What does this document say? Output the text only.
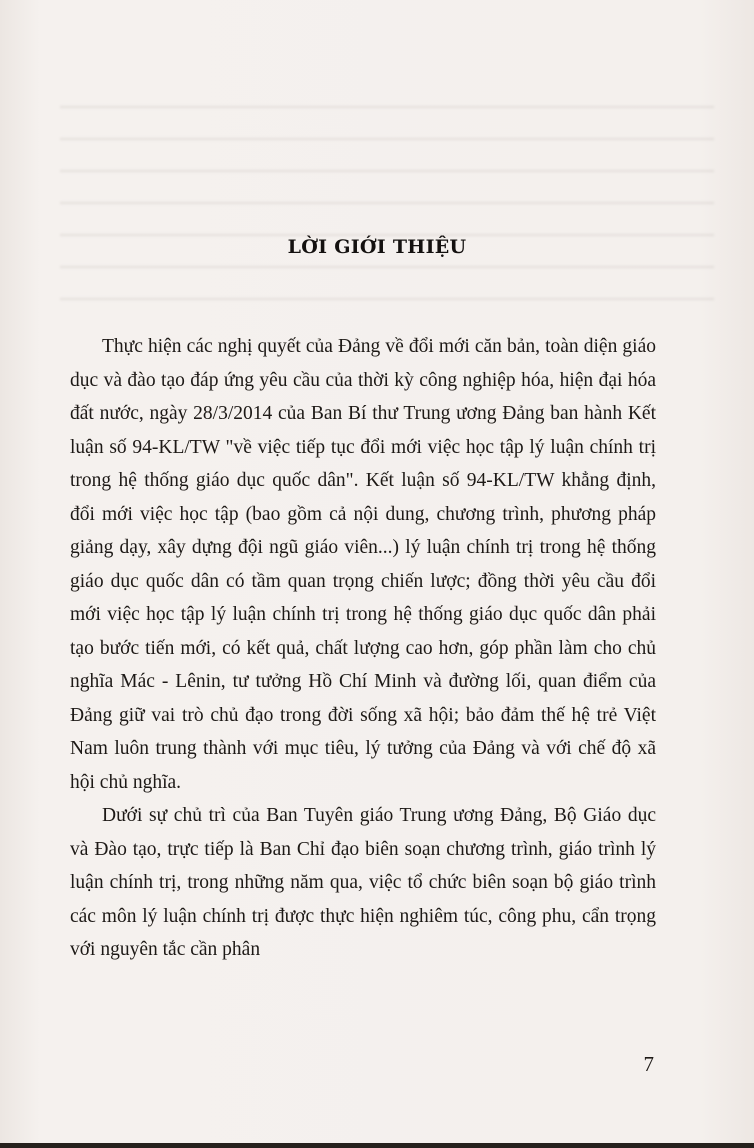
LỜI GIỚI THIỆU

Thực hiện các nghị quyết của Đảng về đổi mới căn bản, toàn diện giáo dục và đào tạo đáp ứng yêu cầu của thời kỳ công nghiệp hóa, hiện đại hóa đất nước, ngày 28/3/2014 của Ban Bí thư Trung ương Đảng ban hành Kết luận số 94-KL/TW "về việc tiếp tục đổi mới việc học tập lý luận chính trị trong hệ thống giáo dục quốc dân". Kết luận số 94-KL/TW khẳng định, đổi mới việc học tập (bao gồm cả nội dung, chương trình, phương pháp giảng dạy, xây dựng đội ngũ giáo viên...) lý luận chính trị trong hệ thống giáo dục quốc dân có tầm quan trọng chiến lược; đồng thời yêu cầu đổi mới việc học tập lý luận chính trị trong hệ thống giáo dục quốc dân phải tạo bước tiến mới, có kết quả, chất lượng cao hơn, góp phần làm cho chủ nghĩa Mác - Lênin, tư tưởng Hồ Chí Minh và đường lối, quan điểm của Đảng giữ vai trò chủ đạo trong đời sống xã hội; bảo đảm thế hệ trẻ Việt Nam luôn trung thành với mục tiêu, lý tưởng của Đảng và với chế độ xã hội chủ nghĩa.

Dưới sự chủ trì của Ban Tuyên giáo Trung ương Đảng, Bộ Giáo dục và Đào tạo, trực tiếp là Ban Chỉ đạo biên soạn chương trình, giáo trình lý luận chính trị, trong những năm qua, việc tổ chức biên soạn bộ giáo trình các môn lý luận chính trị được thực hiện nghiêm túc, công phu, cẩn trọng với nguyên tắc cần phân

7
